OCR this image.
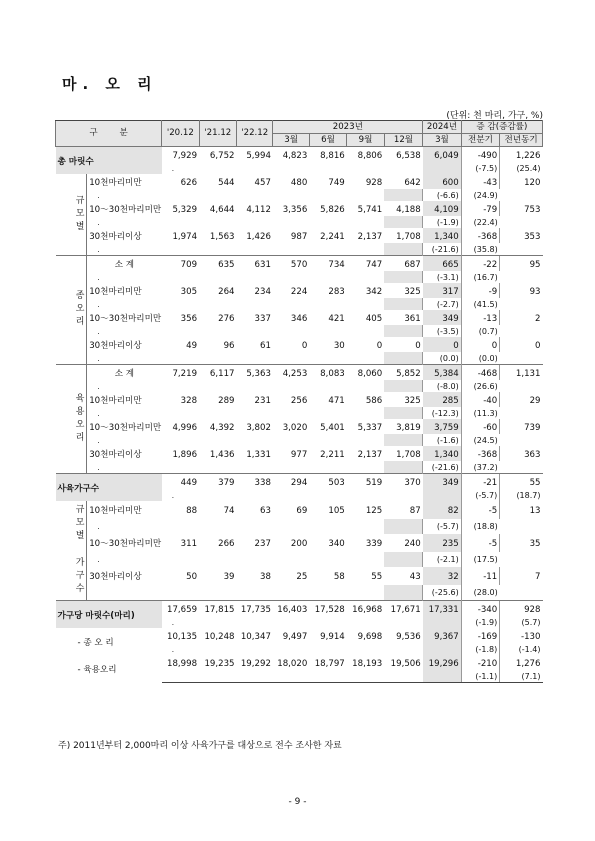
마. 오 리
(단위: 천 마리, 가구, %)
구 분			'20.12	'21.12	'22.12	2023년				2024년	증 감(증감률)	
						3월	6월	9월	12월	3월	전분기	전년동기
총 마릿수			7,929	6,752	5,994	4,823	8,816	8,806	6,538	6,049	-490	1,226
			.								(-7.5)	(25.4)
	규모별	10천마리미만	626	544	457	480	749	928	642	600	-43	120
		.								(-6.6)	(24.9)	
		10～30천마리미만	5,329	4,644	4,112	3,356	5,826	5,741	4,188	4,109	-79	753
		.								(-1.9)	(22.4)	
		30천마리이상	1,974	1,563	1,426	987	2,241	2,137	1,708	1,340	-368	353
		.								(-21.6)	(35.8)	
	종오리	소 계	709	635	631	570	734	747	687	665	-22	95
		.								(-3.1)	(16.7)	
		10천마리미만	305	264	234	224	283	342	325	317	-9	93
		.								(-2.7)	(41.5)	
		10～30천마리미만	356	276	337	346	421	405	361	349	-13	2
		.								(-3.5)	(0.7)	
		30천마리이상	49	96	61	0	30	0	0	0	0	0
		.								(0.0)	(0.0)	
	육용오리	소 계	7,219	6,117	5,363	4,253	8,083	8,060	5,852	5,384	-468	1,131
		.								(-8.0)	(26.6)	
		10천마리미만	328	289	231	256	471	586	325	285	-40	29
		.								(-12.3)	(11.3)	
		10～30천마리미만	4,996	4,392	3,802	3,020	5,401	5,337	3,819	3,759	-60	739
		.								(-1.6)	(24.5)	
		30천마리이상	1,896	1,436	1,331	977	2,211	2,137	1,708	1,340	-368	363
		.								(-21.6)	(37.2)	
사육가구수			449	379	338	294	503	519	370	349	-21	55
			.								(-5.7)	(18.7)
	규모별 가구수	10천마리미만	88	74	63	69	105	125	87	82	-5	13
		.								(-5.7)	(18.8)	
		10～30천마리미만	311	266	237	200	340	339	240	235	-5	35
		.								(-2.1)	(17.5)	
		30천마리이상	50	39	38	25	58	55	43	32	-11	7
										(-25.6)	(28.0)	
가구당 마릿수(마리)			17,659	17,815	17,735	16,403	17,528	16,968	17,671	17,331	-340	928
			.								(-1.9)	(5.7)
- 종 오 리			10,135	10,248	10,347	9,497	9,914	9,698	9,536	9,367	-169	-130
			.								(-1.8)	(-1.4)
- 육용오리			18,998	19,235	19,292	18,020	18,797	18,193	19,506	19,296	-210	1,276
											(-1.1)	(7.1)
주) 2011년부터 2,000마리 이상 사육가구를 대상으로 전수 조사한 자료
- 9 -
